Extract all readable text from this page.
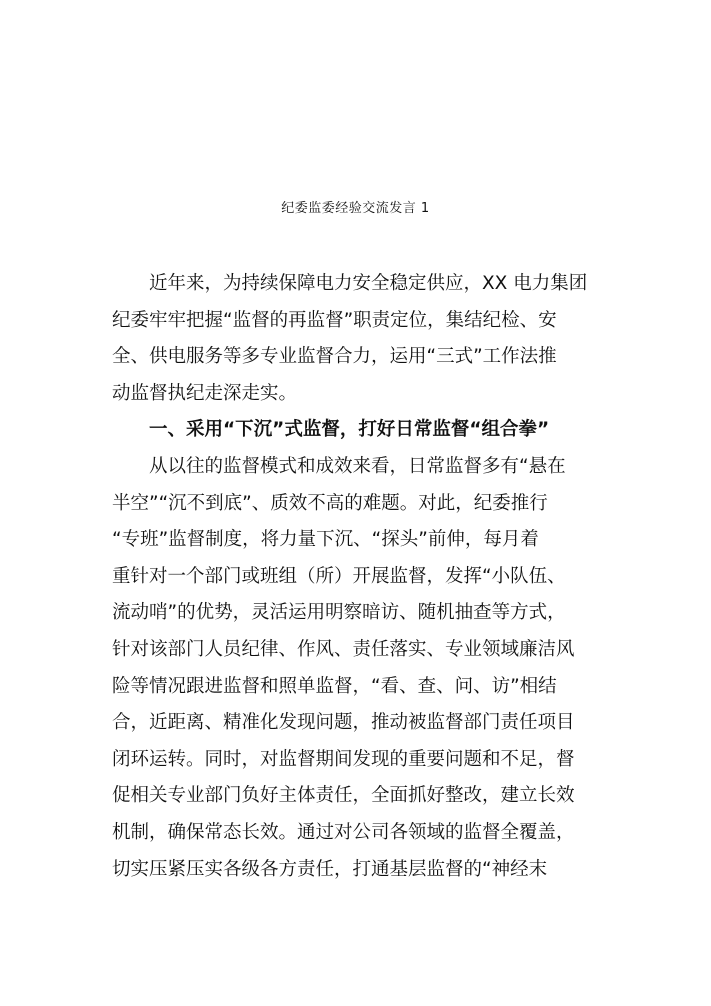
纪委监委经验交流发言 1
近年来，为持续保障电力安全稳定供应，XX 电力集团
纪委牢牢把握“监督的再监督”职责定位，集结纪检、安
全、供电服务等多专业监督合力，运用“三式”工作法推
动监督执纪走深走实。
一、采用“下沉”式监督，打好日常监督“组合拳”
从以往的监督模式和成效来看，日常监督多有“悬在
半空”“沉不到底”、质效不高的难题。对此，纪委推行
“专班”监督制度，将力量下沉、“探头”前伸，每月着
重针对一个部门或班组（所）开展监督，发挥“小队伍、
流动哨”的优势，灵活运用明察暗访、随机抽查等方式，
针对该部门人员纪律、作风、责任落实、专业领域廉洁风
险等情况跟进监督和照单监督，“看、查、问、访”相结
合，近距离、精准化发现问题，推动被监督部门责任项目
闭环运转。同时，对监督期间发现的重要问题和不足，督
促相关专业部门负好主体责任，全面抓好整改，建立长效
机制，确保常态长效。通过对公司各领域的监督全覆盖，
切实压紧压实各级各方责任，打通基层监督的“神经末
